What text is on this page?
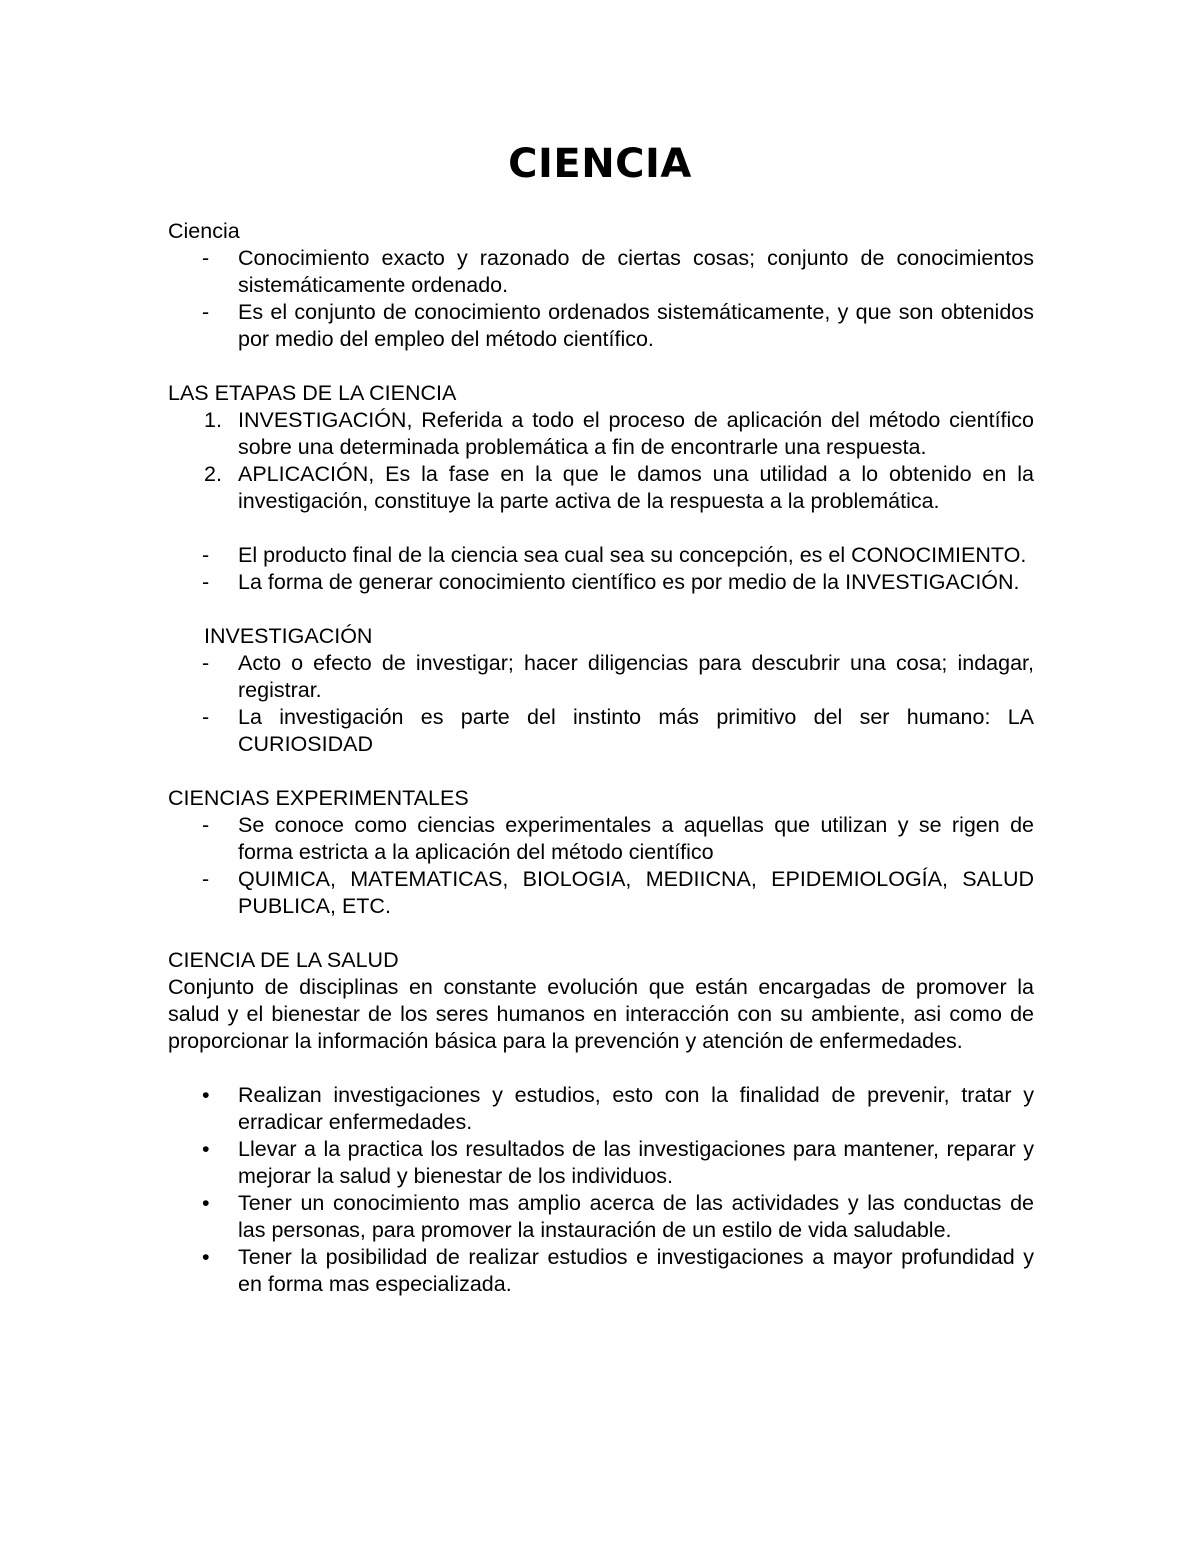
CIENCIA

Ciencia

- Conocimiento exacto y razonado de ciertas cosas; conjunto de conocimientos sistemáticamente ordenado.
- Es el conjunto de conocimiento ordenados sistemáticamente, y que son obtenidos por medio del empleo del método científico.

LAS ETAPAS DE LA CIENCIA

1. INVESTIGACIÓN, Referida a todo el proceso de aplicación del método científico sobre una determinada problemática a fin de encontrarle una respuesta.
2. APLICACIÓN, Es la fase en la que le damos una utilidad a lo obtenido en la investigación, constituye la parte activa de la respuesta a la problemática.
- El producto final de la ciencia sea cual sea su concepción, es el CONOCIMIENTO.
- La forma de generar conocimiento científico es por medio de la INVESTIGACIÓN.

INVESTIGACIÓN

- Acto o efecto de investigar; hacer diligencias para descubrir una cosa; indagar, registrar.
- La investigación es parte del instinto más primitivo del ser humano: LA CURIOSIDAD

CIENCIAS EXPERIMENTALES

- Se conoce como ciencias experimentales a aquellas que utilizan y se rigen de forma estricta a la aplicación del método científico
- QUIMICA, MATEMATICAS, BIOLOGIA, MEDIICNA, EPIDEMIOLOGÍA, SALUD PUBLICA, ETC.

CIENCIA DE LA SALUD

Conjunto de disciplinas en constante evolución que están encargadas de promover la salud y el bienestar de los seres humanos en interacción con su ambiente, asi como de proporcionar la información básica para la prevención y atención de enfermedades.

• Realizan investigaciones y estudios, esto con la finalidad de prevenir, tratar y erradicar enfermedades.
• Llevar a la practica los resultados de las investigaciones para mantener, reparar y mejorar la salud y bienestar de los individuos.
• Tener un conocimiento mas amplio acerca de las actividades y las conductas de las personas, para promover la instauración de un estilo de vida saludable.
• Tener la posibilidad de realizar estudios e investigaciones a mayor profundidad y en forma mas especializada.
